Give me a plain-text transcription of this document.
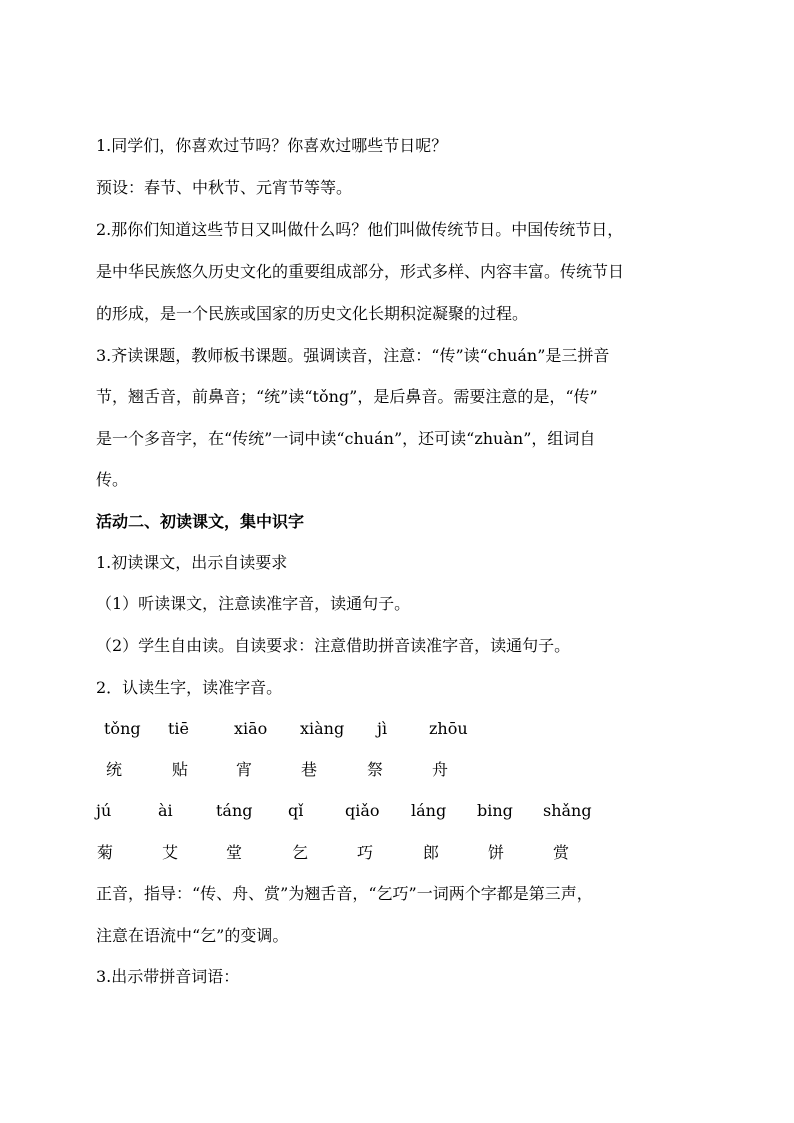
1.同学们，你喜欢过节吗？你喜欢过哪些节日呢？
预设：春节、中秋节、元宵节等等。
2.那你们知道这些节日又叫做什么吗？他们叫做传统节日。中国传统节日，
是中华民族悠久历史文化的重要组成部分，形式多样、内容丰富。传统节日
的形成，是一个民族或国家的历史文化长期积淀凝聚的过程。
3.齐读课题，教师板书课题。强调读音，注意：“传”读“chuán”是三拼音
节，翘舌音，前鼻音；“统”读“tǒng”，是后鼻音。需要注意的是，“传”
是一个多音字，在“传统”一词中读“chuán”，还可读“zhuàn”，组词自
传。
活动二、初读课文，集中识字
1.初读课文，出示自读要求
（1）听读课文，注意读准字音，读通句子。
（2）学生自由读。自读要求：注意借助拼音读准字音，读通句子。
2．认读生字，读准字音。
tǒng tiē	xiāo xiàng jì	zhōu
统	贴	宵	巷	祭	舟
jú	ài	táng qǐ	qiǎo láng bing shǎng
菊	艾	堂	乞	巧	郎	饼	赏
正音，指导：“传、舟、赏”为翘舌音，“乞巧”一词两个字都是第三声，
注意在语流中“乞”的变调。
3.出示带拼音词语：
